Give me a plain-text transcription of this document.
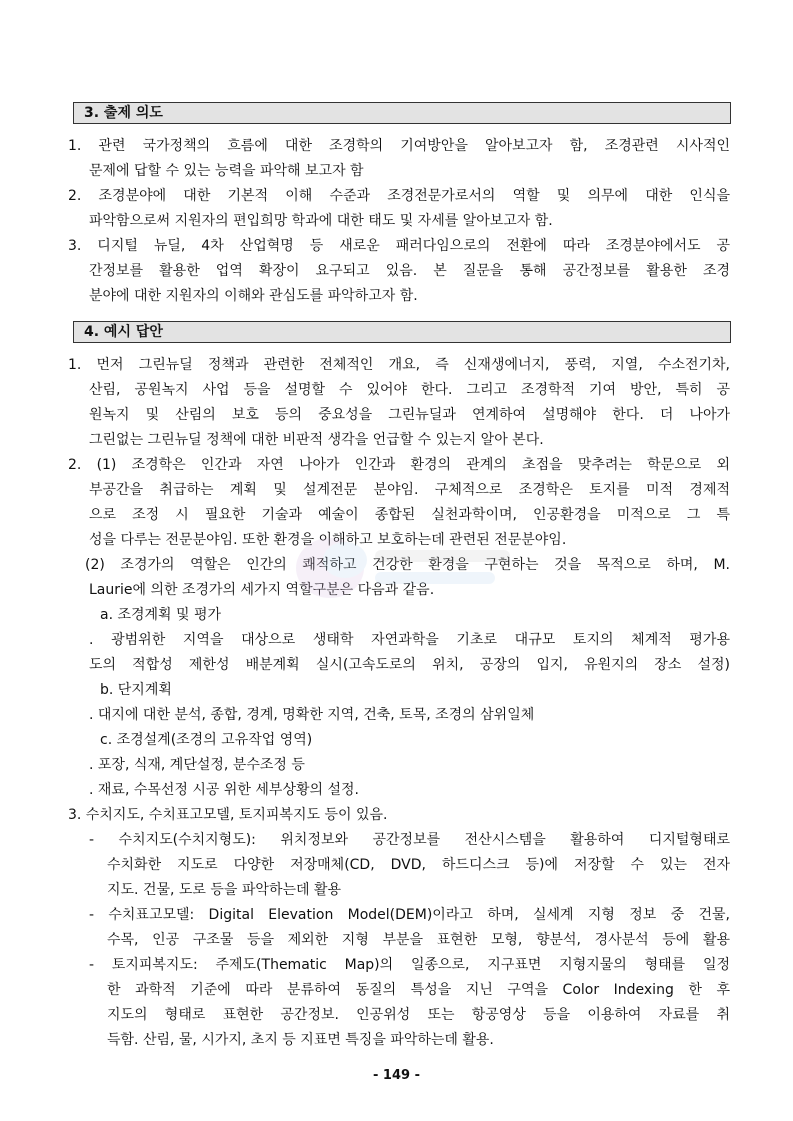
3. 출제 의도
1. 관련 국가정책의 흐름에 대한 조경학의 기여방안을 알아보고자 함, 조경관련 시사적인
문제에 답할 수 있는 능력을 파악해 보고자 함
2. 조경분야에 대한 기본적 이해 수준과 조경전문가로서의 역할 및 의무에 대한 인식을
파악함으로써 지원자의 편입희망 학과에 대한 태도 및 자세를 알아보고자 함.
3. 디지털 뉴딜, 4차 산업혁명 등 새로운 패러다임으로의 전환에 따라 조경분야에서도 공
간정보를 활용한 업역 확장이 요구되고 있음. 본 질문을 통해 공간정보를 활용한 조경
분야에 대한 지원자의 이해와 관심도를 파악하고자 함.
4. 예시 답안
1. 먼저 그린뉴딜 정책과 관련한 전체적인 개요, 즉 신재생에너지, 풍력, 지열, 수소전기차,
산림, 공원녹지 사업 등을 설명할 수 있어야 한다. 그리고 조경학적 기여 방안, 특히 공
원녹지 및 산림의 보호 등의 중요성을 그린뉴딜과 연계하여 설명해야 한다. 더 나아가
그린없는 그린뉴딜 정책에 대한 비판적 생각을 언급할 수 있는지 알아 본다.
2. (1) 조경학은 인간과 자연 나아가 인간과 환경의 관계의 초점을 맞추려는 학문으로 외
부공간을 취급하는 계획 및 설계전문 분야임. 구체적으로 조경학은 토지를 미적 경제적
으로 조정 시 필요한 기술과 예술이 종합된 실천과학이며, 인공환경을 미적으로 그 특
성을 다루는 전문분야임. 또한 환경을 이해하고 보호하는데 관련된 전문분야임.
(2) 조경가의 역할은 인간의 쾌적하고 건강한 환경을 구현하는 것을 목적으로 하며, M.
Laurie에 의한 조경가의 세가지 역할구분은 다음과 같음.
a. 조경계획 및 평가
. 광범위한 지역을 대상으로 생태학 자연과학을 기초로 대규모 토지의 체계적 평가용
도의 적합성 제한성 배분계획 실시(고속도로의 위치, 공장의 입지, 유원지의 장소 설정)
b. 단지계획
. 대지에 대한 분석, 종합, 경계, 명확한 지역, 건축, 토목, 조경의 삼위일체
c. 조경설계(조경의 고유작업 영역)
. 포장, 식재, 계단설정, 분수조정 등
. 재료, 수목선정 시공 위한 세부상황의 설정.
3. 수치지도, 수치표고모델, 토지피복지도 등이 있음.
- 수치지도(수치지형도): 위치정보와 공간정보를 전산시스템을 활용하여 디지털형태로
수치화한 지도로 다양한 저장매체(CD, DVD, 하드디스크 등)에 저장할 수 있는 전자
지도. 건물, 도로 등을 파악하는데 활용
- 수치표고모델: Digital Elevation Model(DEM)이라고 하며, 실세계 지형 정보 중 건물,
수목, 인공 구조물 등을 제외한 지형 부분을 표현한 모형, 향분석, 경사분석 등에 활용
- 토지피복지도: 주제도(Thematic Map)의 일종으로, 지구표면 지형지물의 형태를 일정
한 과학적 기준에 따라 분류하여 동질의 특성을 지닌 구역을 Color Indexing 한 후
지도의 형태로 표현한 공간정보. 인공위성 또는 항공영상 등을 이용하여 자료를 취
득함. 산림, 물, 시가지, 초지 등 지표면 특징을 파악하는데 활용.
- 149 -
